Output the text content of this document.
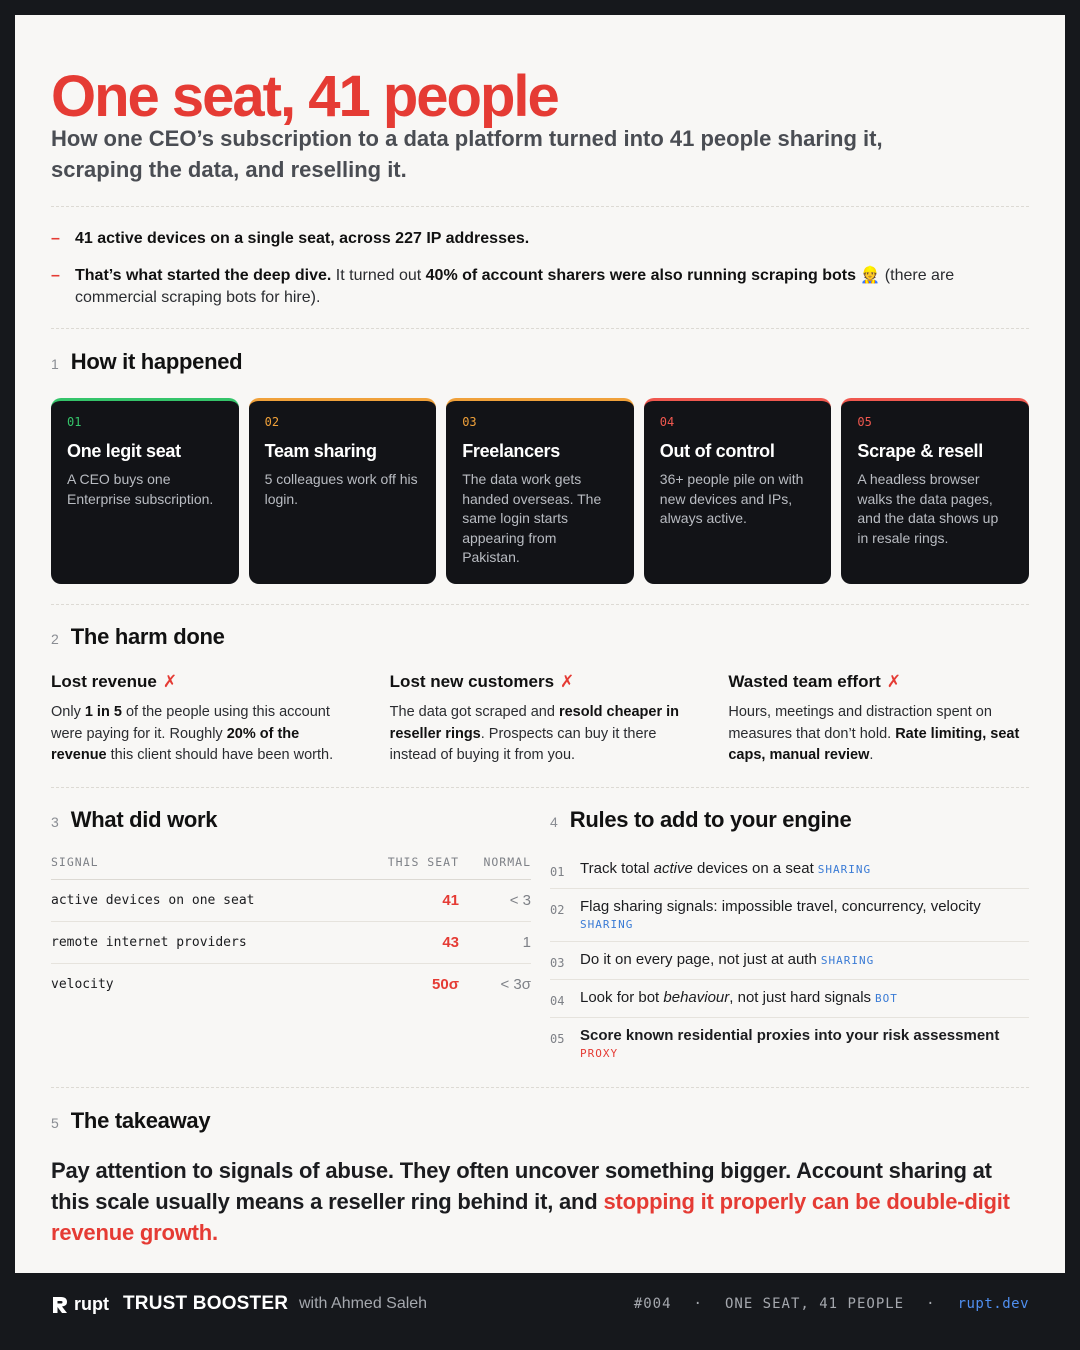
One seat, 41 people

How one CEO’s subscription to a data platform turned into 41 people sharing it, scraping the data, and reselling it.

– 41 active devices on a single seat, across 227 IP addresses.
– That’s what started the deep dive. It turned out 40% of account sharers were also running scraping bots 👷 (there are commercial scraping bots for hire).
1 How it happened
01
One legit seat
A CEO buys one Enterprise subscription.
02
Team sharing
5 colleagues work off his login.
03
Freelancers
The data work gets handed overseas. The same login starts appearing from Pakistan.
04
Out of control
36+ people pile on with new devices and IPs, always active.
05
Scrape & resell
A headless browser walks the data pages, and the data shows up in resale rings.
2 The harm done
Lost revenue ✗
Only 1 in 5 of the people using this account were paying for it. Roughly 20% of the revenue this client should have been worth.
Lost new customers ✗
The data got scraped and resold cheaper in reseller rings. Prospects can buy it there instead of buying it from you.
Wasted team effort ✗
Hours, meetings and distraction spent on measures that don’t hold. Rate limiting, seat caps, manual review.
3 What did work	4 Rules to add to your engine
SIGNAL	THIS SEAT	NORMAL
active devices on one seat	41	< 3
remote internet providers	43	1
velocity	50σ	< 3σ
01 Track total active devices on a seat SHARING
02 Flag sharing signals: impossible travel, concurrency, velocity
SHARING
03 Do it on every page, not just at auth SHARING
04 Look for bot behaviour, not just hard signals BOT
05 Score known residential proxies into your risk assessment
PROXY
5 The takeaway

Pay attention to signals of abuse. They often uncover something bigger. Account sharing at this scale usually means a reseller ring behind it, and stopping it properly can be double-digit revenue growth.

rupt TRUST BOOSTER with Ahmed Saleh	#004 · ONE SEAT, 41 PEOPLE · rupt.dev
